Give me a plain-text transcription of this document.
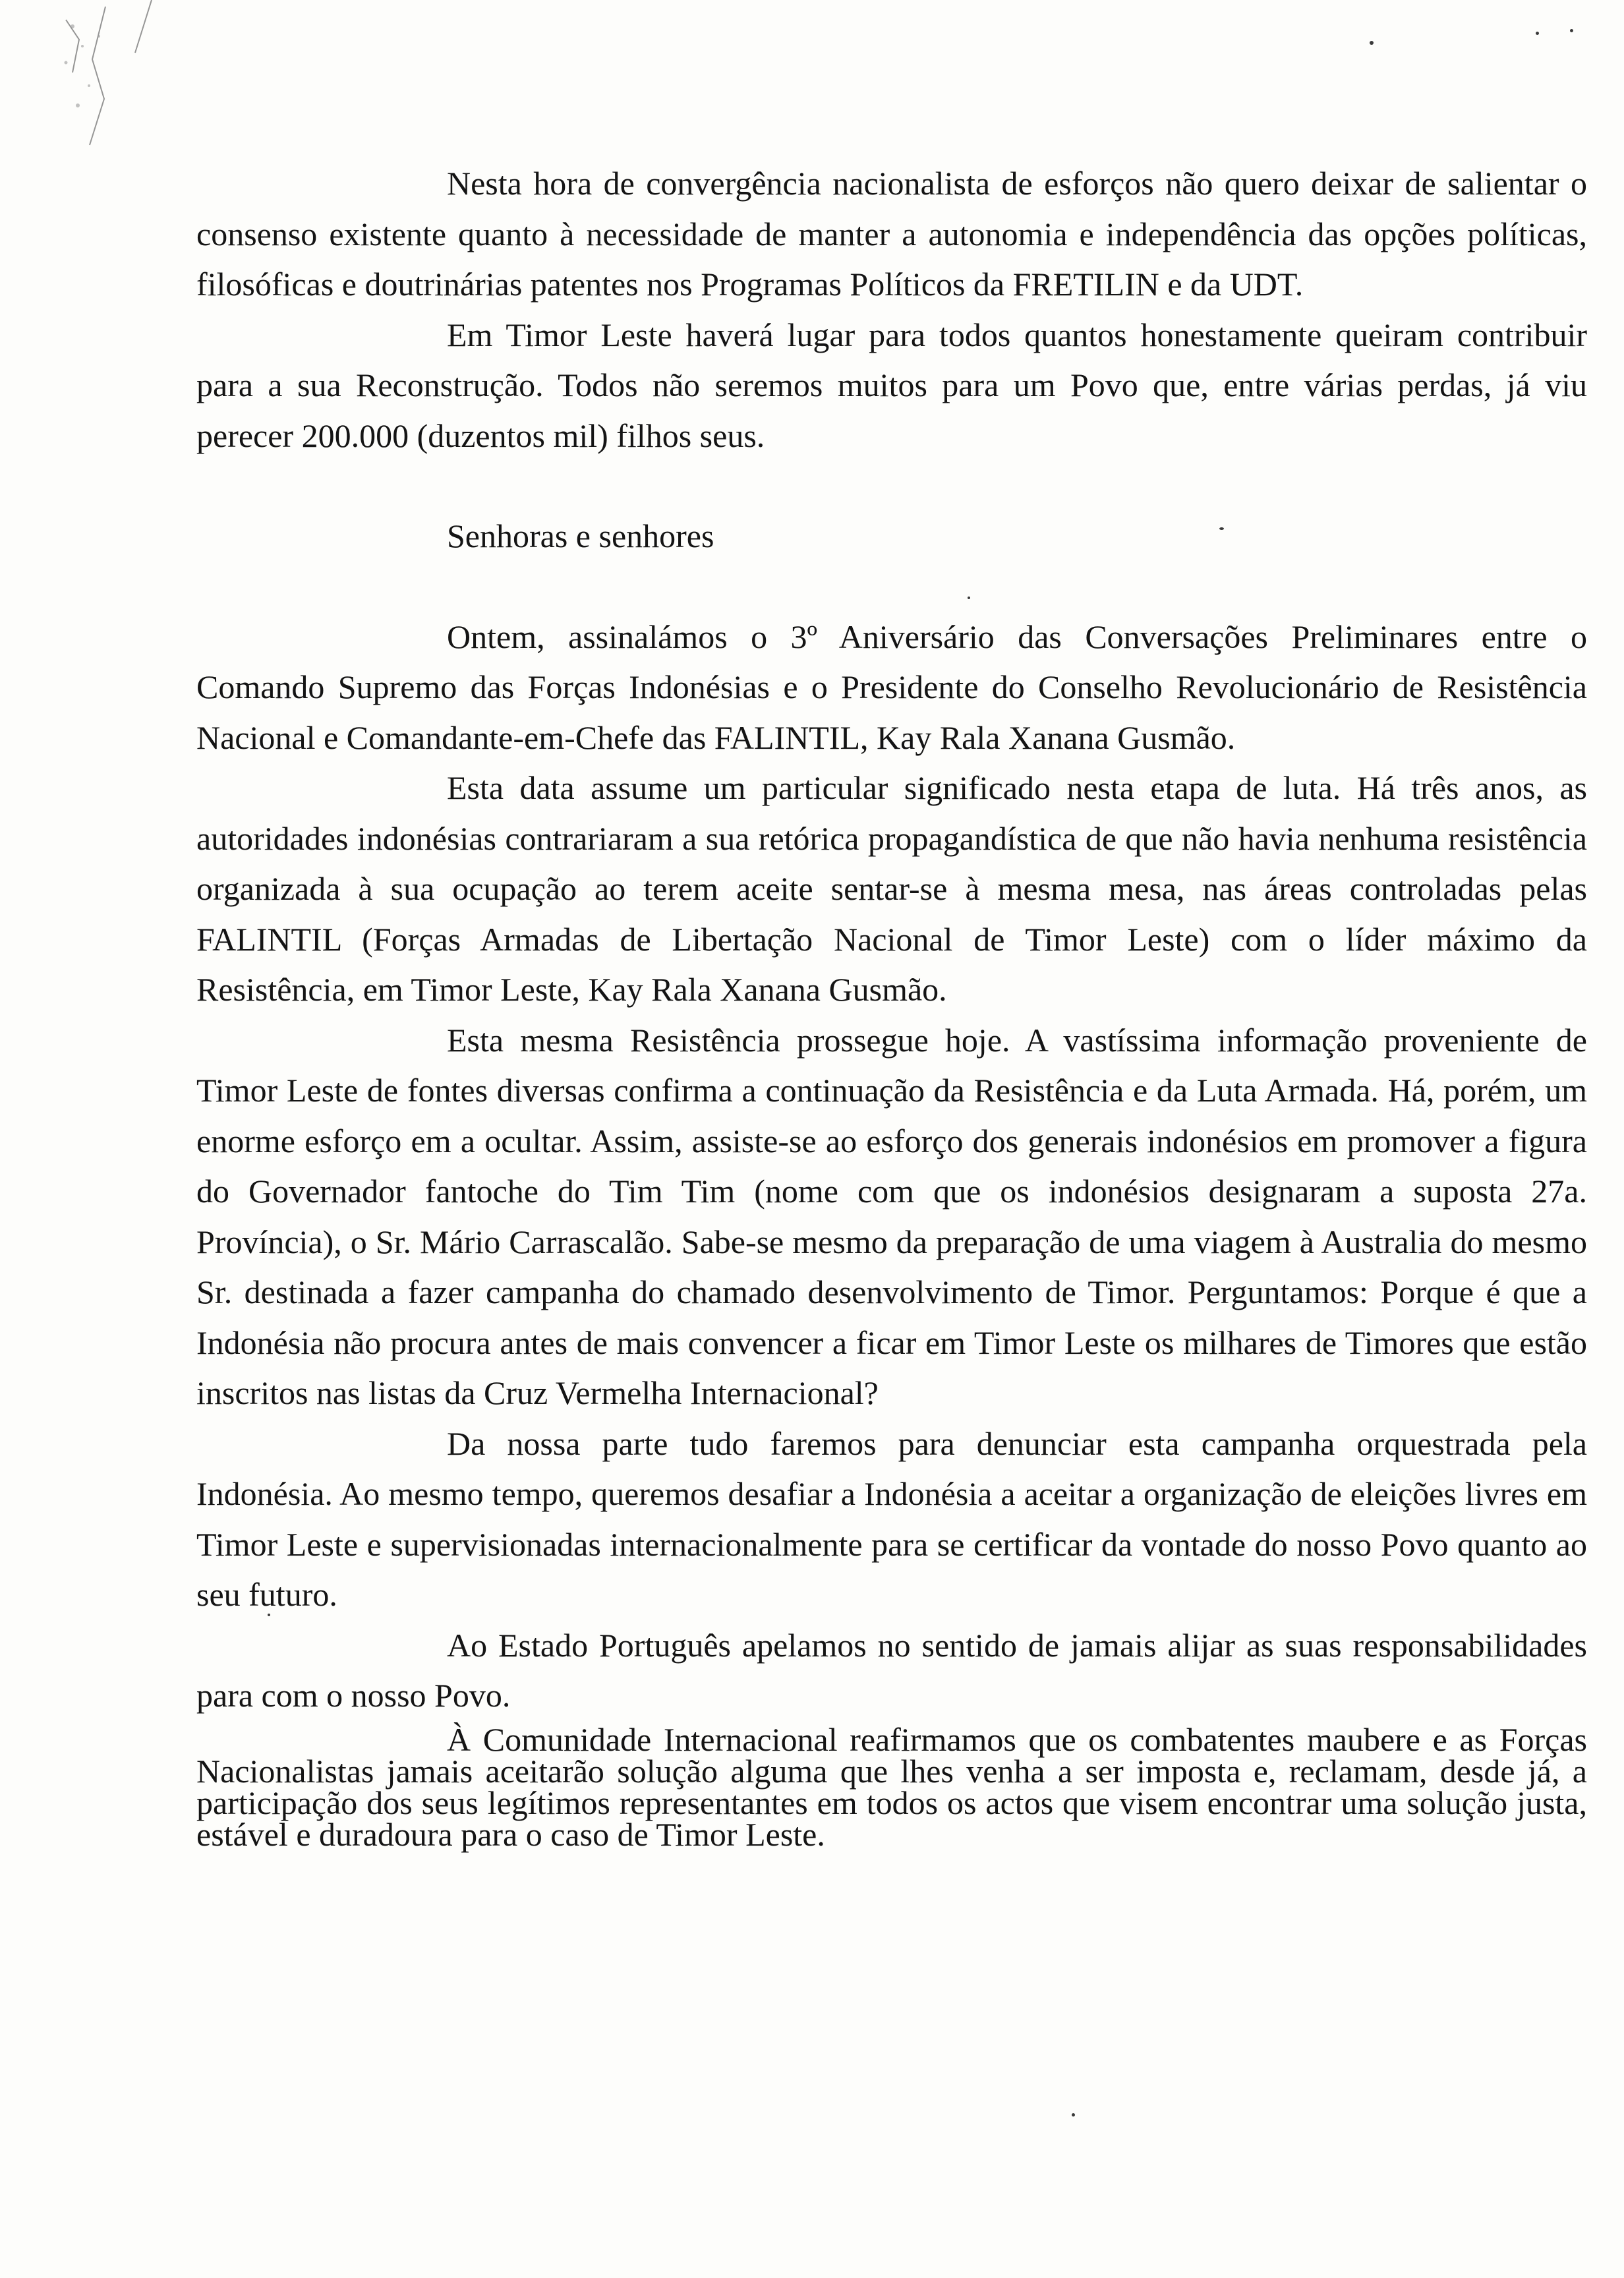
Nesta hora de convergência nacionalista de esforços não quero deixar de salientar o consenso existente quanto à necessidade de manter a autonomia e independência das opções políticas, filosóficas e doutrinárias patentes nos Programas Políticos da FRETILIN e da UDT.

Em Timor Leste haverá lugar para todos quantos honestamente queiram contribuir para a sua Reconstrução. Todos não seremos muitos para um Povo que, entre várias perdas, já viu perecer 200.000 (duzentos mil) filhos seus.

Senhoras e senhores

Ontem, assinalámos o 3º Aniversário das Conversações Preliminares entre o Comando Supremo das Forças Indonésias e o Presidente do Conselho Revolucionário de Resistência Nacional e Comandante-em-Chefe das FALINTIL, Kay Rala Xanana Gusmão.

Esta data assume um particular significado nesta etapa de luta. Há três anos, as autoridades indonésias contrariaram a sua retórica propagandística de que não havia nenhuma resistência organizada à sua ocupação ao terem aceite sentar-se à mesma mesa, nas áreas controladas pelas FALINTIL (Forças Armadas de Libertação Nacional de Timor Leste) com o líder máximo da Resistência, em Timor Leste, Kay Rala Xanana Gusmão.

Esta mesma Resistência prossegue hoje. A vastíssima informação proveniente de Timor Leste de fontes diversas confirma a continuação da Resistência e da Luta Armada. Há, porém, um enorme esforço em a ocultar. Assim, assiste-se ao esforço dos generais indonésios em promover a figura do Governador fantoche do Tim Tim (nome com que os indonésios designaram a suposta 27a. Província), o Sr. Mário Carrascalão. Sabe-se mesmo da preparação de uma viagem à Australia do mesmo Sr. destinada a fazer campanha do chamado desenvolvimento de Timor. Perguntamos: Porque é que a Indonésia não procura antes de mais convencer a ficar em Timor Leste os milhares de Timores que estão inscritos nas listas da Cruz Vermelha Internacional?

Da nossa parte tudo faremos para denunciar esta campanha orquestrada pela Indonésia. Ao mesmo tempo, queremos desafiar a Indonésia a aceitar a organização de eleições livres em Timor Leste e supervisionadas internacionalmente para se certificar da vontade do nosso Povo quanto ao seu futuro.

Ao Estado Português apelamos no sentido de jamais alijar as suas responsabilidades para com o nosso Povo.

À Comunidade Internacional reafirmamos que os combatentes maubere e as Forças Nacionalistas jamais aceitarão solução alguma que lhes venha a ser imposta e, reclamam, desde já, a participação dos seus legítimos representantes em todos os actos que visem encontrar uma solução justa, estável e duradoura para o caso de Timor Leste.
